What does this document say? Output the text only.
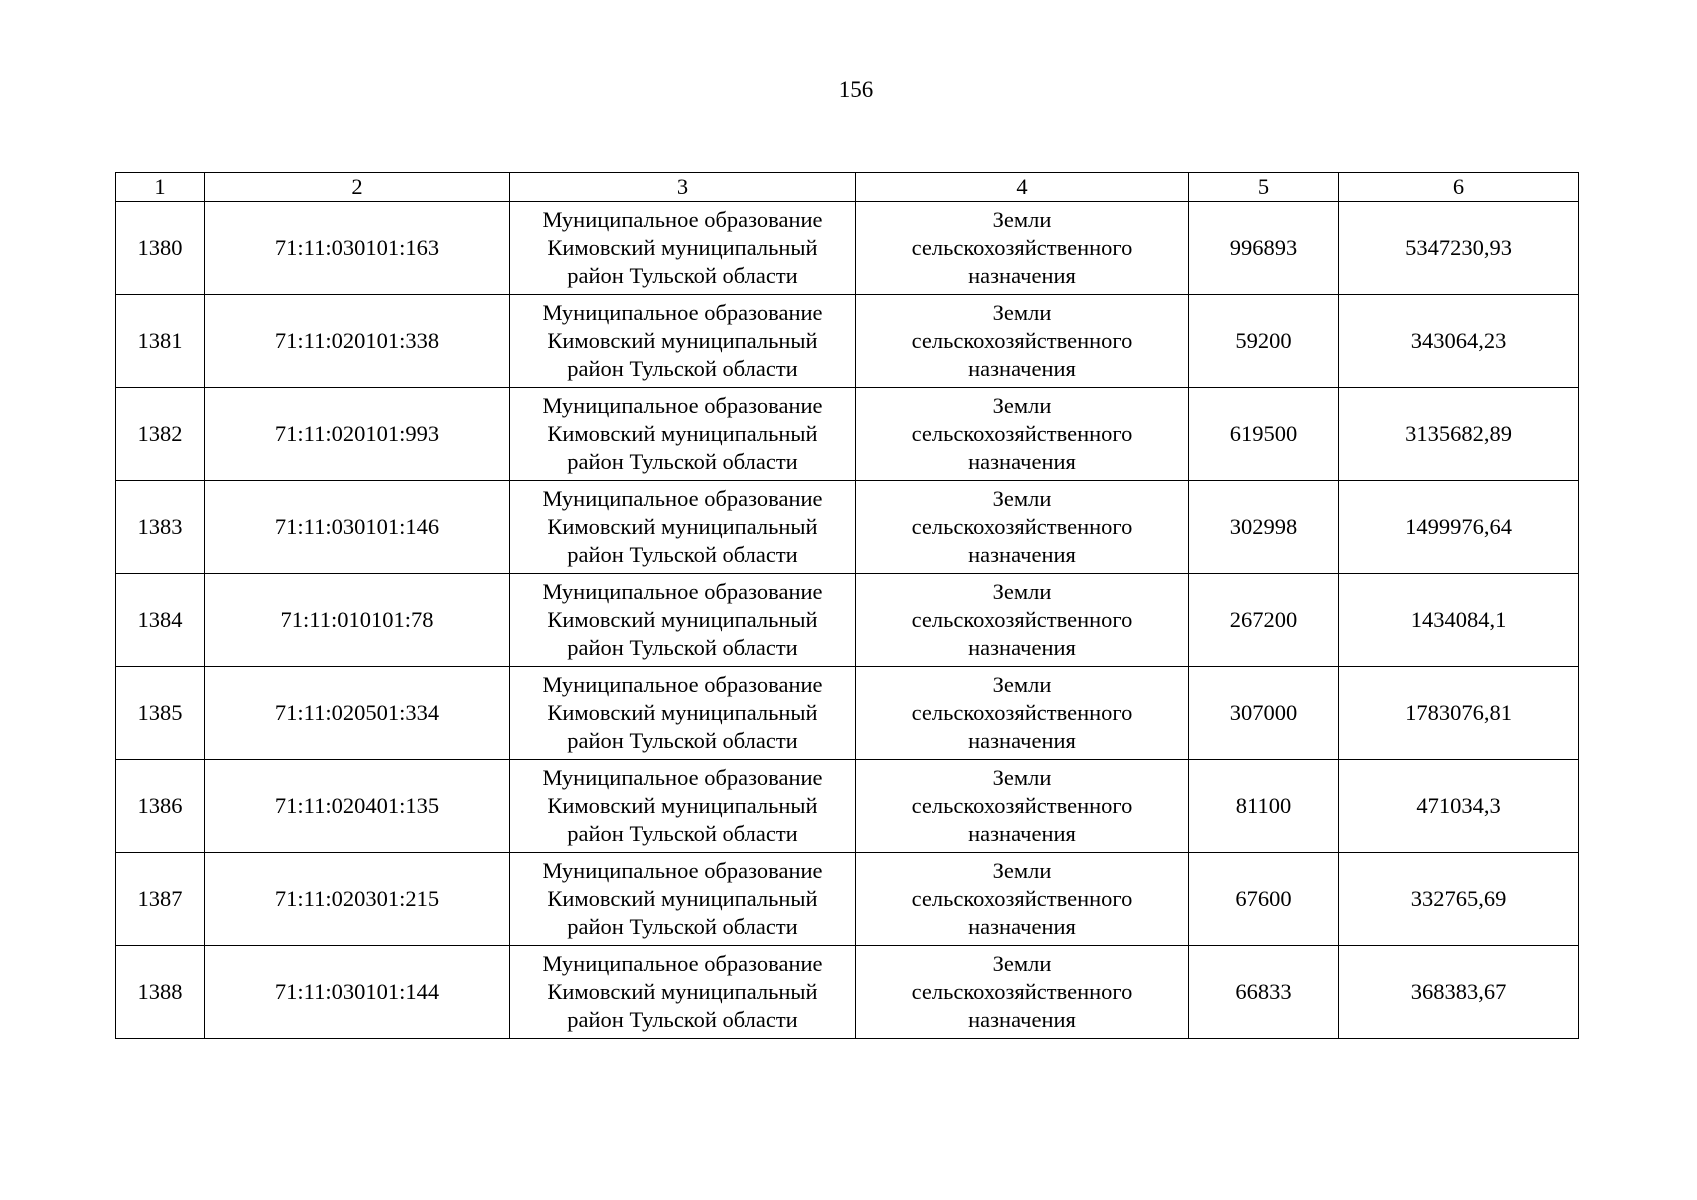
156
1	2	3	4	5	6
1380	71:11:030101:163	Муниципальное образование
Кимовский муниципальный
район Тульской области	Земли
сельскохозяйственного
назначения	996893	5347230,93
1381	71:11:020101:338	Муниципальное образование
Кимовский муниципальный
район Тульской области	Земли
сельскохозяйственного
назначения	59200	343064,23
1382	71:11:020101:993	Муниципальное образование
Кимовский муниципальный
район Тульской области	Земли
сельскохозяйственного
назначения	619500	3135682,89
1383	71:11:030101:146	Муниципальное образование
Кимовский муниципальный
район Тульской области	Земли
сельскохозяйственного
назначения	302998	1499976,64
1384	71:11:010101:78	Муниципальное образование
Кимовский муниципальный
район Тульской области	Земли
сельскохозяйственного
назначения	267200	1434084,1
1385	71:11:020501:334	Муниципальное образование
Кимовский муниципальный
район Тульской области	Земли
сельскохозяйственного
назначения	307000	1783076,81
1386	71:11:020401:135	Муниципальное образование
Кимовский муниципальный
район Тульской области	Земли
сельскохозяйственного
назначения	81100	471034,3
1387	71:11:020301:215	Муниципальное образование
Кимовский муниципальный
район Тульской области	Земли
сельскохозяйственного
назначения	67600	332765,69
1388	71:11:030101:144	Муниципальное образование
Кимовский муниципальный
район Тульской области	Земли
сельскохозяйственного
назначения	66833	368383,67
